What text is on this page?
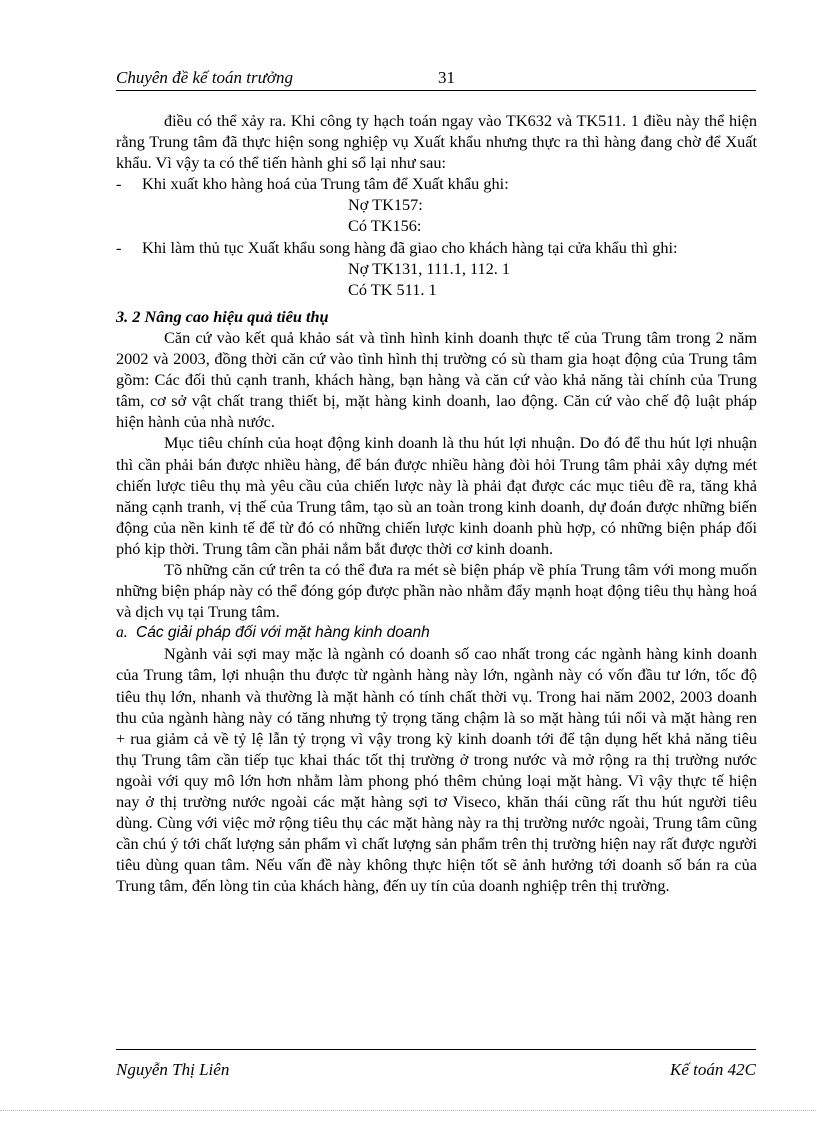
Chuyên đề kế toán trưởng	31

điều có thể xảy ra. Khi công ty hạch toán ngay vào TK632 và TK511. 1 điều này thể hiện rằng Trung tâm đã thực hiện song nghiệp vụ Xuất khẩu nhưng thực ra thì hàng đang chờ để Xuất khẩu. Vì vậy ta có thể tiến hành ghi sổ lại như sau:

- Khi xuất kho hàng hoá của Trung tâm để Xuất khẩu ghi:

Nợ TK157:

Có TK156:

- Khi làm thủ tục Xuất khẩu song hàng đã giao cho khách hàng tại cửa khẩu thì ghi:

Nợ TK131, 111.1, 112. 1

Có TK 511. 1

3. 2 Nâng cao hiệu quả tiêu thụ

Căn cứ vào kết quả khảo sát và tình hình kinh doanh thực tế của Trung tâm trong 2 năm 2002 và 2003, đồng thời căn cứ vào tình hình thị trường có sù tham gia hoạt động của Trung tâm gồm: Các đối thủ cạnh tranh, khách hàng, bạn hàng và căn cứ vào khả năng tài chính của Trung tâm, cơ sở vật chất trang thiết bị, mặt hàng kinh doanh, lao động. Căn cứ vào chế độ luật pháp hiện hành của nhà nước.

Mục tiêu chính của hoạt động kinh doanh là thu hút lợi nhuận. Do đó để thu hút lợi nhuận thì cần phải bán được nhiều hàng, để bán được nhiều hàng đòi hỏi Trung tâm phải xây dựng mét chiến lược tiêu thụ mà yêu cầu của chiến lược này là phải đạt được các mục tiêu đề ra, tăng khả năng cạnh tranh, vị thế của Trung tâm, tạo sù an toàn trong kinh doanh, dự đoán được những biến động của nền kinh tế để từ đó có những chiến lược kinh doanh phù hợp, có những biện pháp đối phó kịp thời. Trung tâm cần phải nắm bắt được thời cơ kinh doanh.

Tõ những căn cứ trên ta có thể đưa ra mét sè biện pháp về phía Trung tâm với mong muốn những biện pháp này có thể đóng góp được phần nào nhằm đẩy mạnh hoạt động tiêu thụ hàng hoá và dịch vụ tại Trung tâm.

a. Các giải pháp đối với mặt hàng kinh doanh

Ngành vải sợi may mặc là ngành có doanh số cao nhất trong các ngành hàng kinh doanh của Trung tâm, lợi nhuận thu được từ ngành hàng này lớn, ngành này có vốn đầu tư lớn, tốc độ tiêu thụ lớn, nhanh và thường là mặt hành có tính chất thời vụ. Trong hai năm 2002, 2003 doanh thu của ngành hàng này có tăng nhưng tỷ trọng tăng chậm là so mặt hàng túi nổi và mặt hàng ren + rua giảm cả về tỷ lệ lẫn tỷ trọng vì vậy trong kỳ kinh doanh tới để tận dụng hết khả năng tiêu thụ Trung tâm cần tiếp tục khai thác tốt thị trường ở trong nước và mở rộng ra thị trường nước ngoài với quy mô lớn hơn nhằm làm phong phó thêm chủng loại mặt hàng. Vì vậy thực tế hiện nay ở thị trường nước ngoài các mặt hàng sợi tơ Viseco, khăn thái cũng rất thu hút người tiêu dùng. Cùng với việc mở rộng tiêu thụ các mặt hàng này ra thị trường nước ngoài, Trung tâm cũng cần chú ý tới chất lượng sản phẩm vì chất lượng sản phẩm trên thị trường hiện nay rất được người tiêu dùng quan tâm. Nếu vấn đề này không thực hiện tốt sẽ ảnh hưởng tới doanh số bán ra của Trung tâm, đến lòng tin của khách hàng, đến uy tín của doanh nghiệp trên thị trường.

Nguyễn Thị Liên	Kế toán 42C
